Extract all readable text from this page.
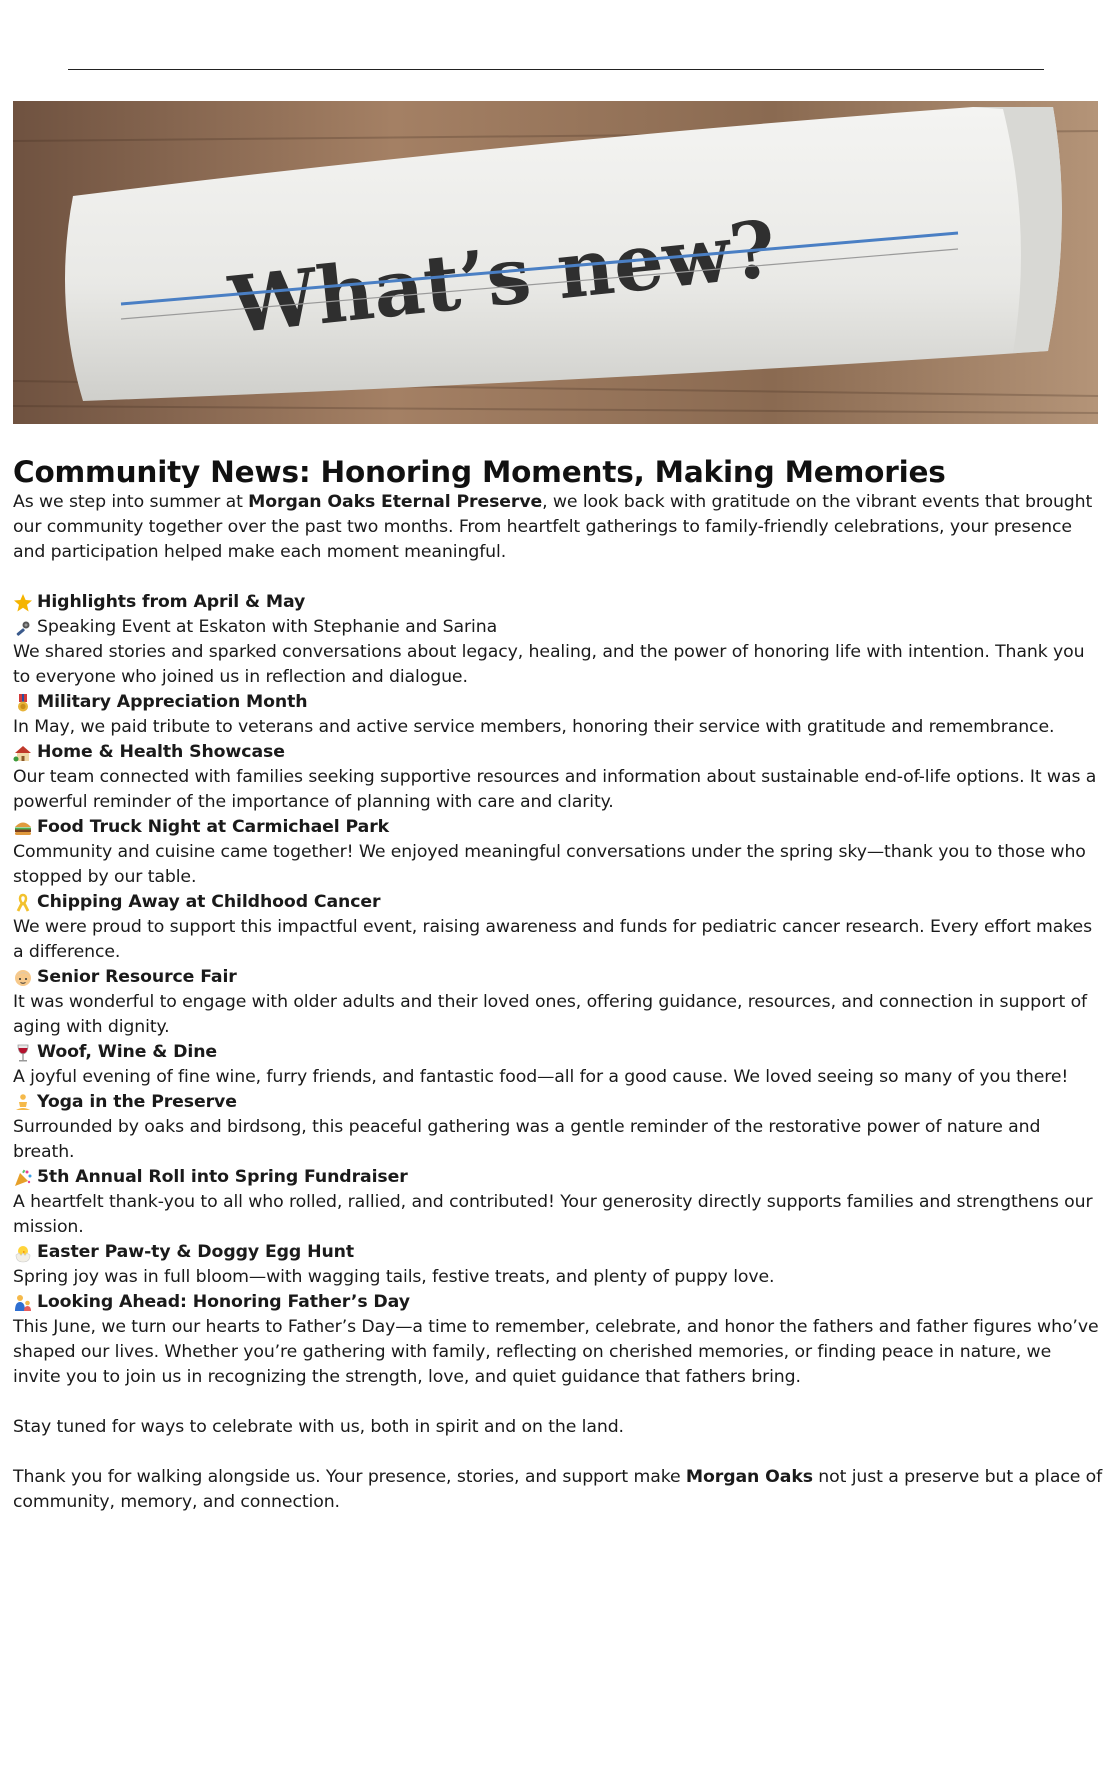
What’s new?
Community News: Honoring Moments, Making Memories

As we step into summer at Morgan Oaks Eternal Preserve, we look back with gratitude on the vibrant events that brought our community together over the past two months. From heartfelt gatherings to family-friendly celebrations, your presence and participation helped make each moment meaningful.

Highlights from April & May
Speaking Event at Eskaton with Stephanie and Sarina

We shared stories and sparked conversations about legacy, healing, and the power of honoring life with intention. Thank you to everyone who joined us in reflection and dialogue.

Military Appreciation Month

In May, we paid tribute to veterans and active service members, honoring their service with gratitude and remembrance.

Home & Health Showcase

Our team connected with families seeking supportive resources and information about sustainable end-of-life options. It was a powerful reminder of the importance of planning with care and clarity.

Food Truck Night at Carmichael Park

Community and cuisine came together! We enjoyed meaningful conversations under the spring sky—thank you to those who stopped by our table.

Chipping Away at Childhood Cancer

We were proud to support this impactful event, raising awareness and funds for pediatric cancer research. Every effort makes a difference.

Senior Resource Fair

It was wonderful to engage with older adults and their loved ones, offering guidance, resources, and connection in support of aging with dignity.

Woof, Wine & Dine

A joyful evening of fine wine, furry friends, and fantastic food—all for a good cause. We loved seeing so many of you there!

Yoga in the Preserve

Surrounded by oaks and birdsong, this peaceful gathering was a gentle reminder of the restorative power of nature and breath.

5th Annual Roll into Spring Fundraiser

A heartfelt thank-you to all who rolled, rallied, and contributed! Your generosity directly supports families and strengthens our mission.

Easter Paw-ty & Doggy Egg Hunt

Spring joy was in full bloom—with wagging tails, festive treats, and plenty of puppy love.

Looking Ahead: Honoring Father’s Day

This June, we turn our hearts to Father’s Day—a time to remember, celebrate, and honor the fathers and father figures who’ve shaped our lives. Whether you’re gathering with family, reflecting on cherished memories, or finding peace in nature, we invite you to join us in recognizing the strength, love, and quiet guidance that fathers bring.

Stay tuned for ways to celebrate with us, both in spirit and on the land.

Thank you for walking alongside us. Your presence, stories, and support make Morgan Oaks not just a preserve but a place of community, memory, and connection.
